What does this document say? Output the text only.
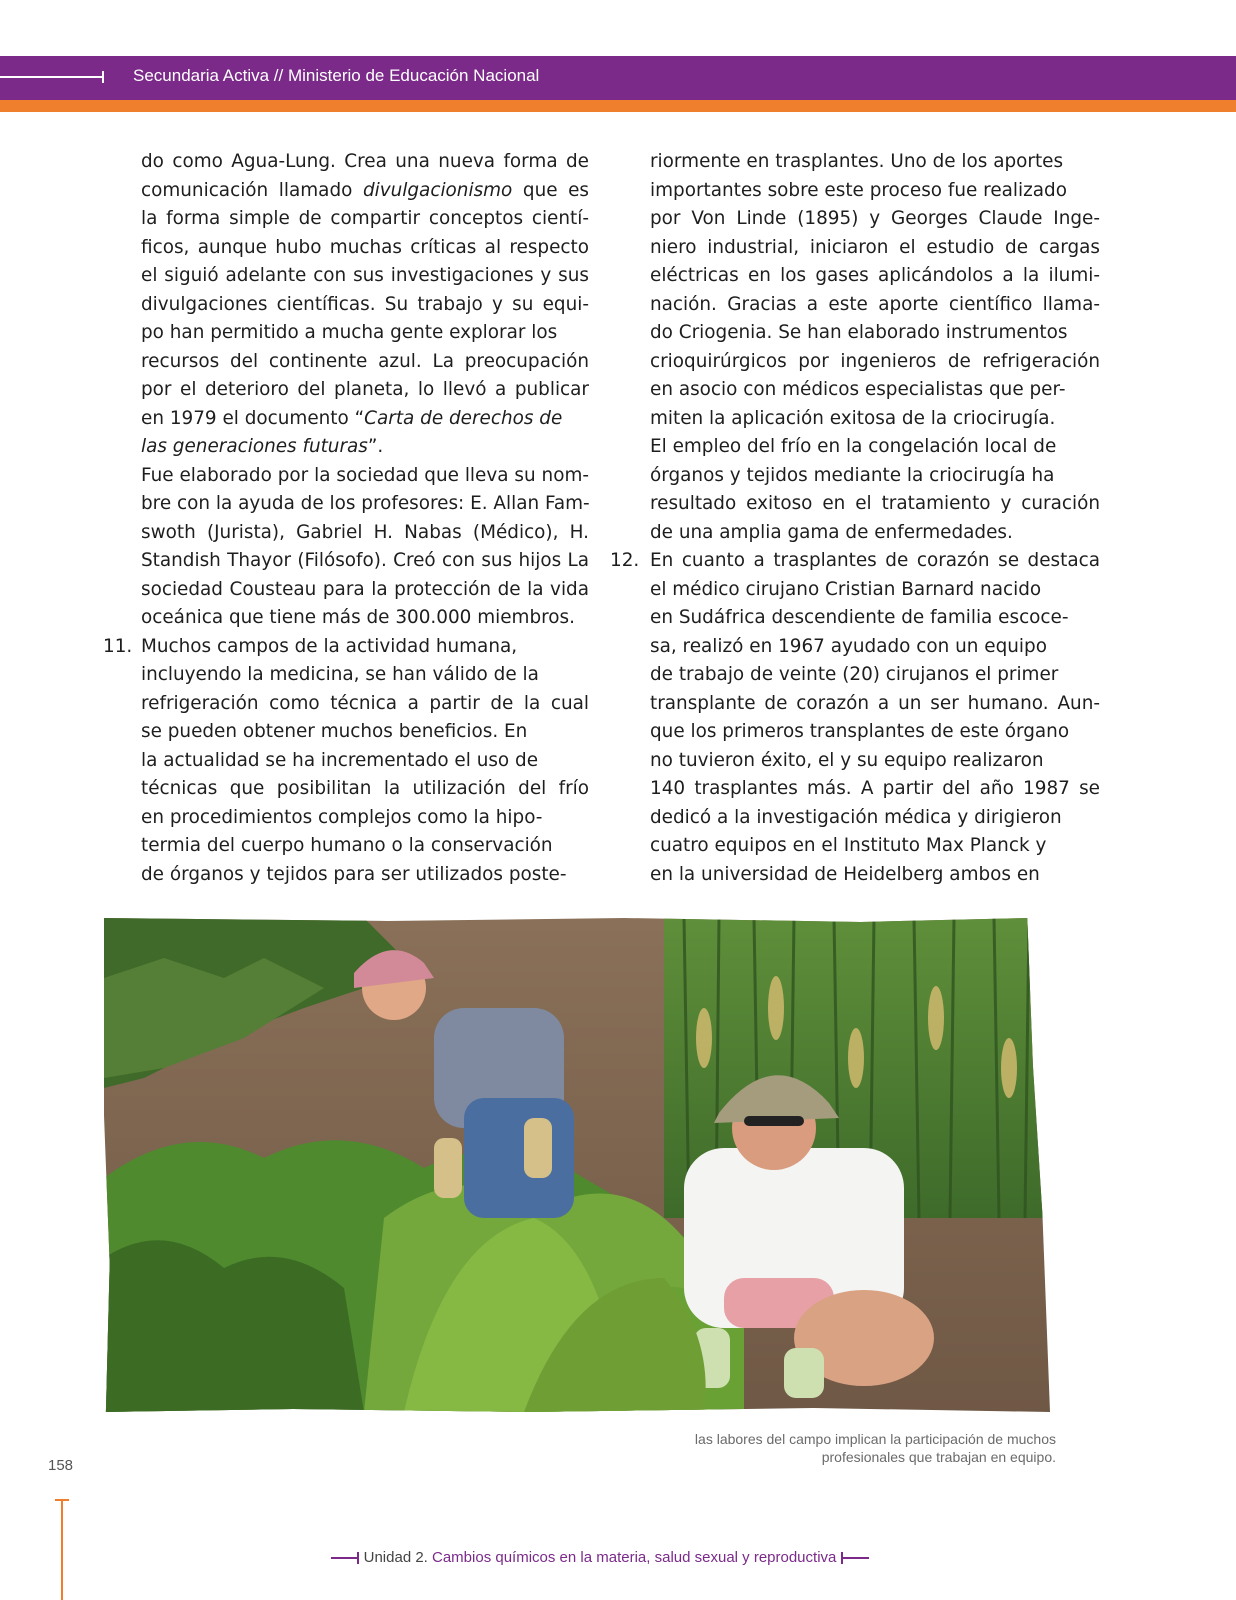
Secundaria Activa // Ministerio de Educación Nacional
do como Agua-Lung. Crea una nueva forma de
comunicación llamado divulgacionismo que es
la forma simple de compartir conceptos cientí-
ficos, aunque hubo muchas críticas al respecto
el siguió adelante con sus investigaciones y sus
divulgaciones científicas. Su trabajo y su equi-
po han permitido a mucha gente explorar los
recursos del continente azul. La preocupación
por el deterioro del planeta, lo llevó a publicar
en 1979 el documento “Carta de derechos de
las generaciones futuras”.
Fue elaborado por la sociedad que lleva su nom-
bre con la ayuda de los profesores: E. Allan Fam-
swoth (Jurista), Gabriel H. Nabas (Médico), H.
Standish Thayor (Filósofo). Creó con sus hijos La
sociedad Cousteau para la protección de la vida
oceánica que tiene más de 300.000 miembros.
11. Muchos campos de la actividad humana,
incluyendo la medicina, se han válido de la
refrigeración como técnica a partir de la cual
se pueden obtener muchos beneficios. En
la actualidad se ha incrementado el uso de
técnicas que posibilitan la utilización del frío
en procedimientos complejos como la hipo-
termia del cuerpo humano o la conservación
de órganos y tejidos para ser utilizados poste-
riormente en trasplantes. Uno de los aportes
importantes sobre este proceso fue realizado
por Von Linde (1895) y Georges Claude Inge-
niero industrial, iniciaron el estudio de cargas
eléctricas en los gases aplicándolos a la ilumi-
nación. Gracias a este aporte científico llama-
do Criogenia. Se han elaborado instrumentos
crioquirúrgicos por ingenieros de refrigeración
en asocio con médicos especialistas que per-
miten la aplicación exitosa de la criocirugía.
El empleo del frío en la congelación local de
órganos y tejidos mediante la criocirugía ha
resultado exitoso en el tratamiento y curación
de una amplia gama de enfermedades.
12. En cuanto a trasplantes de corazón se destaca
el médico cirujano Cristian Barnard nacido
en Sudáfrica descendiente de familia escoce-
sa, realizó en 1967 ayudado con un equipo
de trabajo de veinte (20) cirujanos el primer
transplante de corazón a un ser humano. Aun-
que los primeros transplantes de este órgano
no tuvieron éxito, el y su equipo realizaron
140 trasplantes más. A partir del año 1987 se
dedicó a la investigación médica y dirigieron
cuatro equipos en el Instituto Max Planck y
en la universidad de Heidelberg ambos en
las labores del campo implican la participación de muchos
profesionales que trabajan en equipo.
158
Unidad 2. Cambios químicos en la materia, salud sexual y reproductiva
